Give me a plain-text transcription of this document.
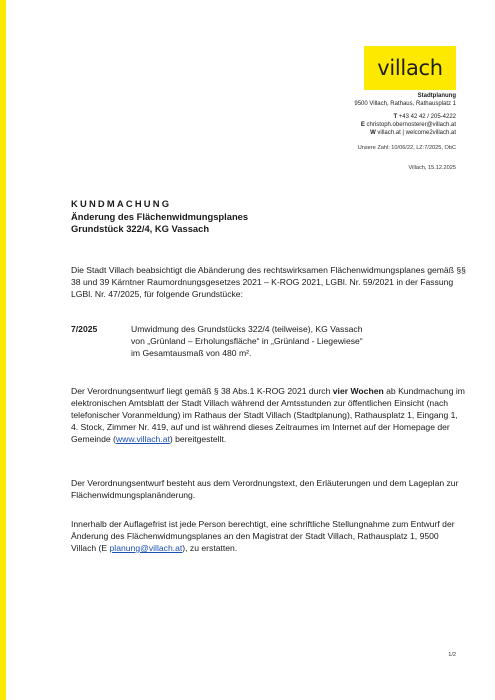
villach
Stadtplanung
9500 Villach, Rathaus, Rathausplatz 1
T +43 42 42 / 205-4222
E christoph.obernosterer@villach.at
W villach.at | welcome2villach.at
Unsere Zahl: 10/06/22, LZ:7/2025, ObC
Villach, 15.12.2025
KUNDMACHUNG
Änderung des Flächenwidmungsplanes
Grundstück 322/4, KG Vassach
Die Stadt Villach beabsichtigt die Abänderung des rechtswirksamen Flächenwidmungsplanes gemäß §§ 38 und 39 Kärntner Raumordnungsgesetzes 2021 – K-ROG 2021, LGBl. Nr. 59/2021 in der Fassung LGBl. Nr. 47/2025, für folgende Grundstücke:
7/2025	Umwidmung des Grundstücks 322/4 (teilweise), KG Vassach
von „Grünland – Erholungsfläche“ in „Grünland - Liegewiese“
im Gesamtausmaß von 480 m².
Der Verordnungsentwurf liegt gemäß § 38 Abs.1 K-ROG 2021 durch vier Wochen ab Kundmachung im elektronischen Amtsblatt der Stadt Villach während der Amtsstunden zur öffentlichen Einsicht (nach telefonischer Voranmeldung) im Rathaus der Stadt Villach (Stadtplanung), Rathausplatz 1, Eingang 1, 4. Stock, Zimmer Nr. 419, auf und ist während dieses Zeitraumes im Internet auf der Homepage der Gemeinde (www.villach.at) bereitgestellt.
Der Verordnungsentwurf besteht aus dem Verordnungstext, den Erläuterungen und dem Lageplan zur Flächenwidmungsplanänderung.
Innerhalb der Auflagefrist ist jede Person berechtigt, eine schriftliche Stellungnahme zum Entwurf der Änderung des Flächenwidmungsplanes an den Magistrat der Stadt Villach, Rathausplatz 1, 9500 Villach (E planung@villach.at), zu erstatten.
1/2
